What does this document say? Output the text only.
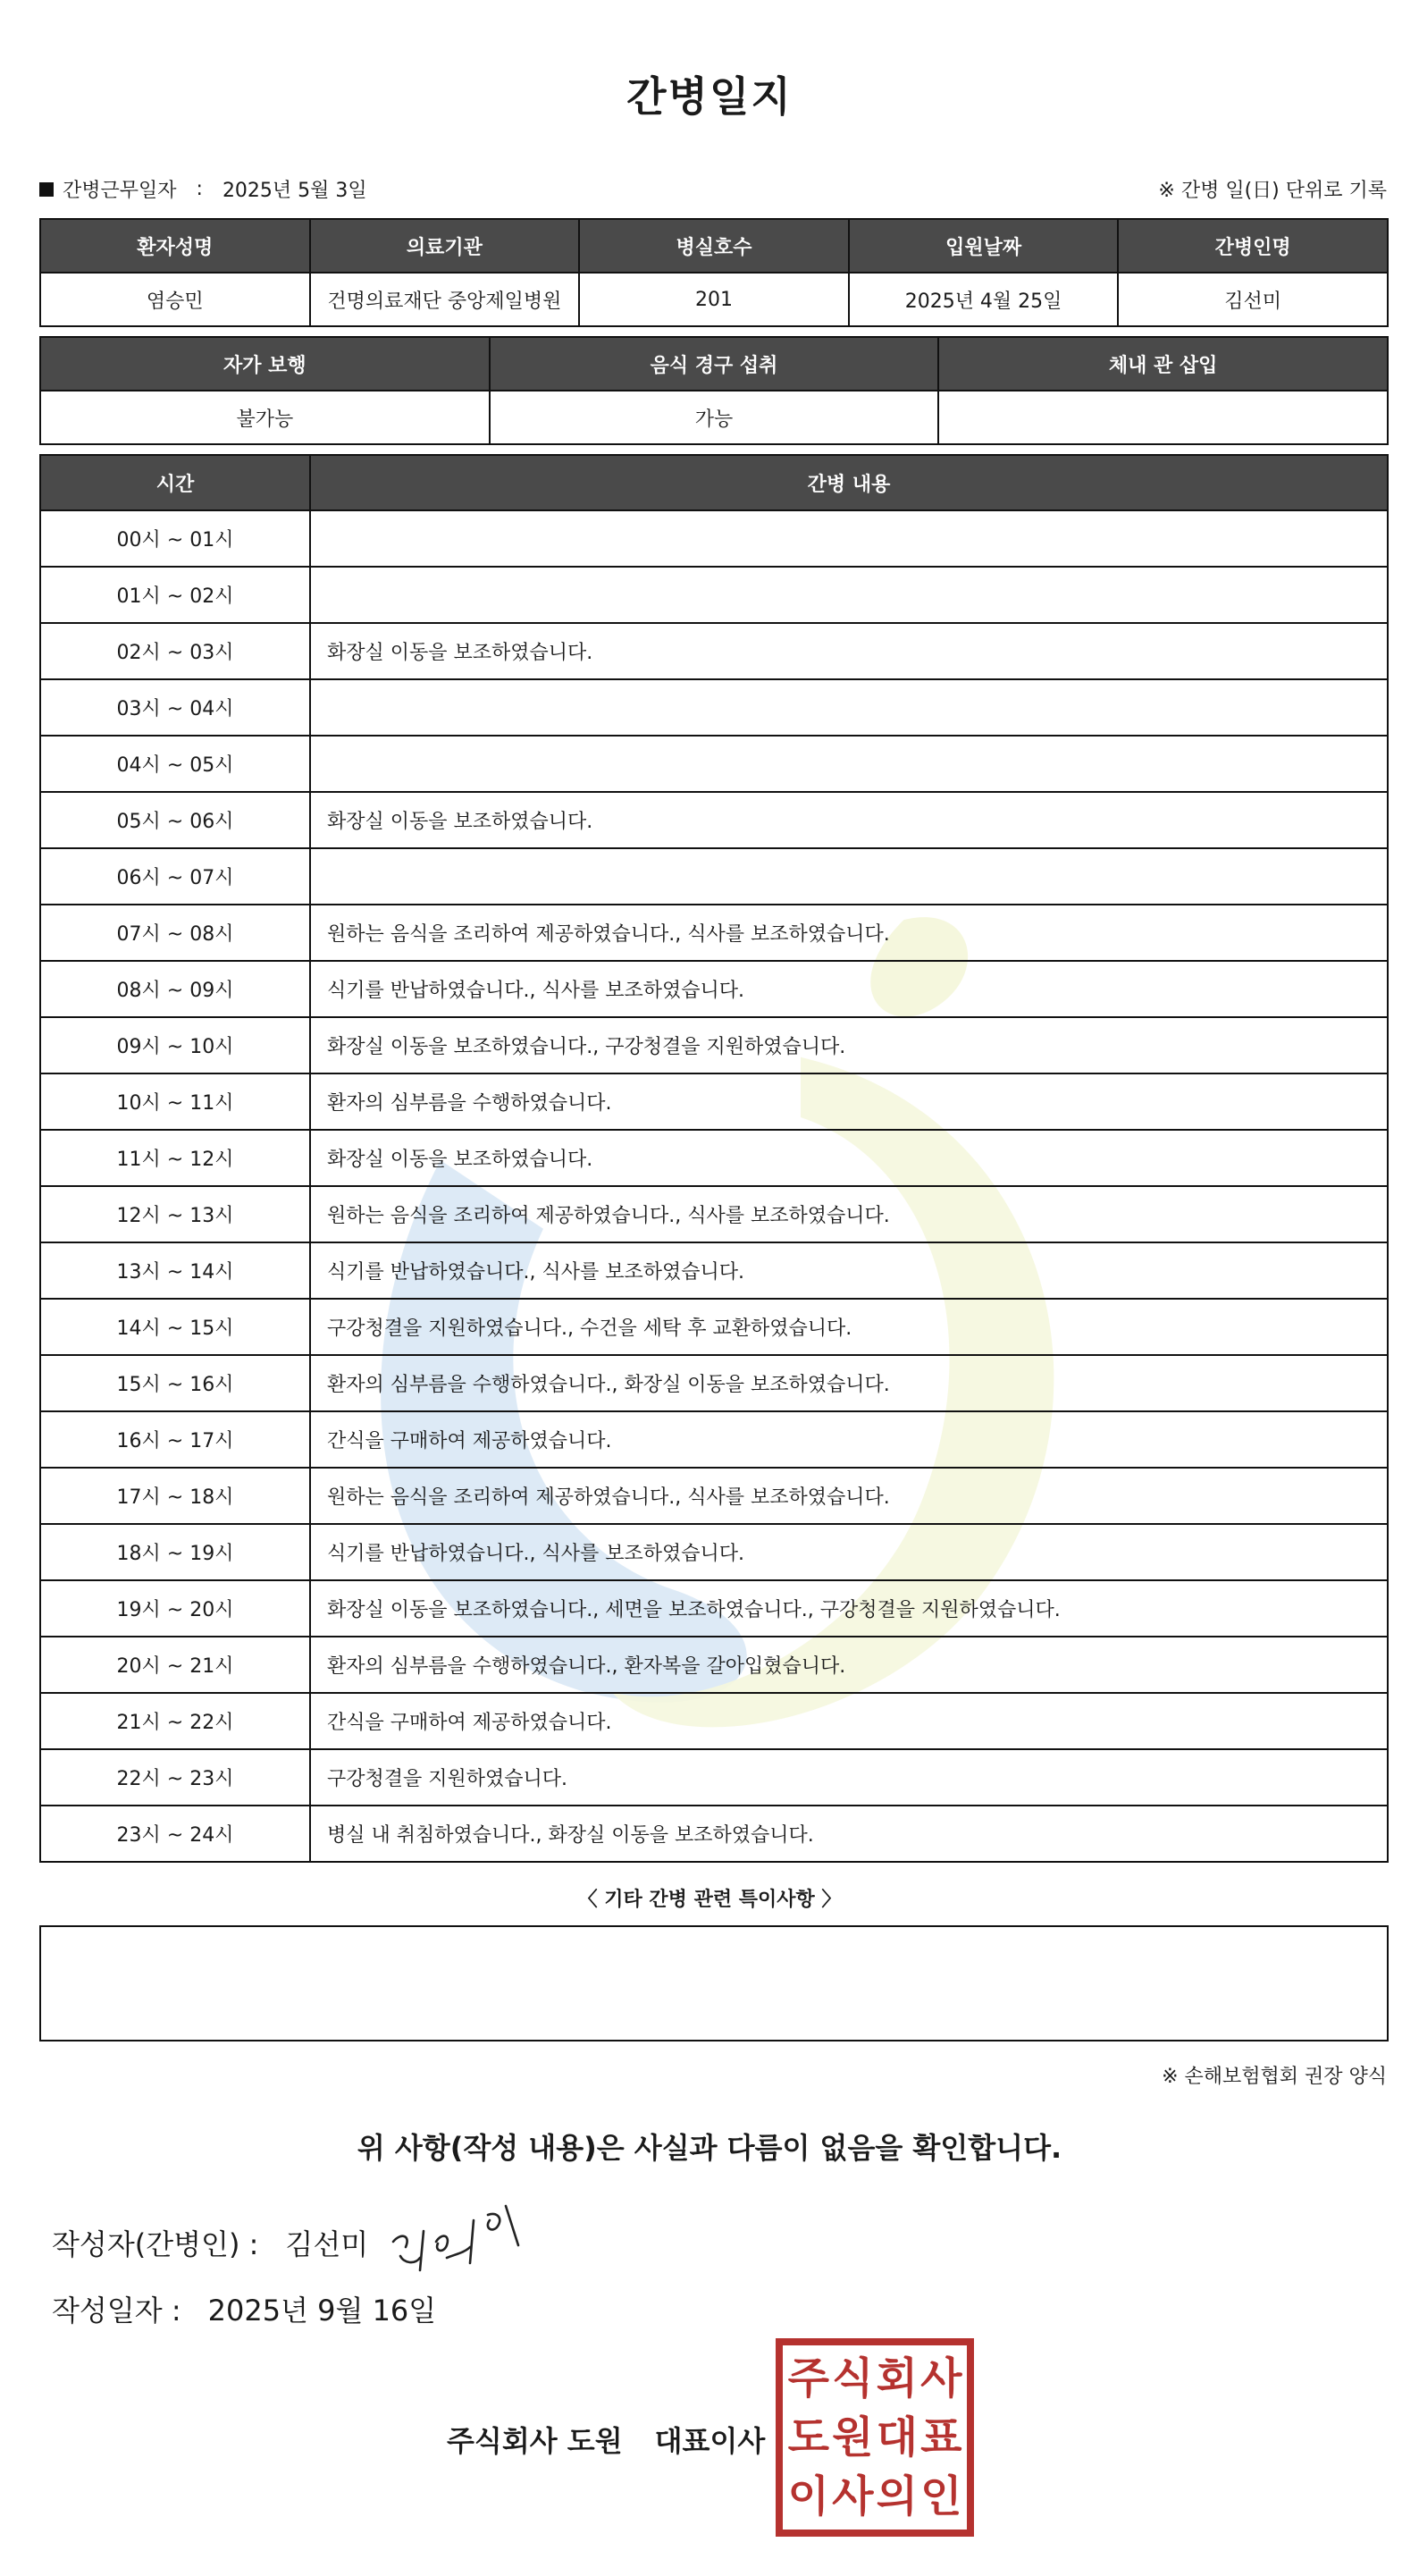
간병일지
간병근무일자 : 2025년 5월 3일	※ 간병 일(日) 단위로 기록
환자성명	의료기관	병실호수	입원날짜	간병인명
염승민	건명의료재단 중앙제일병원	201	2025년 4월 25일	김선미
자가 보행	음식 경구 섭취	체내 관 삽입
불가능	가능	
시간	간병 내용
00시 ~ 01시	
01시 ~ 02시	
02시 ~ 03시	화장실 이동을 보조하였습니다.
03시 ~ 04시	
04시 ~ 05시	
05시 ~ 06시	화장실 이동을 보조하였습니다.
06시 ~ 07시	
07시 ~ 08시	원하는 음식을 조리하여 제공하였습니다., 식사를 보조하였습니다.
08시 ~ 09시	식기를 반납하였습니다., 식사를 보조하였습니다.
09시 ~ 10시	화장실 이동을 보조하였습니다., 구강청결을 지원하였습니다.
10시 ~ 11시	환자의 심부름을 수행하였습니다.
11시 ~ 12시	화장실 이동을 보조하였습니다.
12시 ~ 13시	원하는 음식을 조리하여 제공하였습니다., 식사를 보조하였습니다.
13시 ~ 14시	식기를 반납하였습니다., 식사를 보조하였습니다.
14시 ~ 15시	구강청결을 지원하였습니다., 수건을 세탁 후 교환하였습니다.
15시 ~ 16시	환자의 심부름을 수행하였습니다., 화장실 이동을 보조하였습니다.
16시 ~ 17시	간식을 구매하여 제공하였습니다.
17시 ~ 18시	원하는 음식을 조리하여 제공하였습니다., 식사를 보조하였습니다.
18시 ~ 19시	식기를 반납하였습니다., 식사를 보조하였습니다.
19시 ~ 20시	화장실 이동을 보조하였습니다., 세면을 보조하였습니다., 구강청결을 지원하였습니다.
20시 ~ 21시	환자의 심부름을 수행하였습니다., 환자복을 갈아입혔습니다.
21시 ~ 22시	간식을 구매하여 제공하였습니다.
22시 ~ 23시	구강청결을 지원하였습니다.
23시 ~ 24시	병실 내 취침하였습니다., 화장실 이동을 보조하였습니다.
〈 기타 간병 관련 특이사항 〉
※ 손해보험협회 권장 양식
위 사항(작성 내용)은 사실과 다름이 없음을 확인합니다.
작성자(간병인) : 김선미
작성일자 : 2025년 9월 16일
주식회사 도원 대표이사
주 식 회 사
도 원 대 표
이 사 의 인
